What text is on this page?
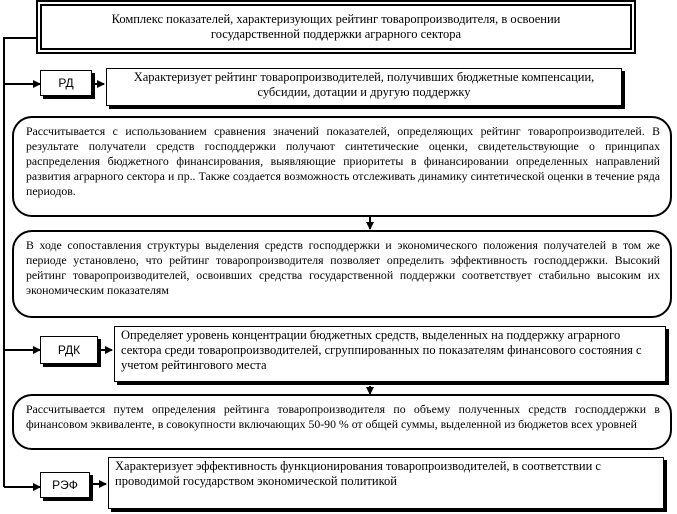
Комплекс показателей, характеризующих рейтинг товаропроизводителя, в освоении государственной поддержки аграрного сектора
РД	Характеризует рейтинг товаропроизводителей, получивших бюджетные компенсации, субсидии, дотации и другую поддержку
Рассчитывается с использованием сравнения значений показателей, определяющих рейтинг товаропроизводителей. В результате получатели средств господдержки получают синтетические оценки, свидетельствующие о принципах распределения бюджетного финансирования, выявляющие приоритеты в финансировании определенных направлений развития аграрного сектора и пр.. Также создается возможность отслеживать динамику синтетической оценки в течение ряда периодов.
В ходе сопоставления структуры выделения средств господдержки и экономического положения получателей в том же периоде установлено, что рейтинг товаропроизводителя позволяет определить эффективность господдержки. Высокий рейтинг товаропроизводителей, освоивших средства государственной поддержки соответствует стабильно высоким их экономическим показателям
РДК
Определяет уровень концентрации бюджетных средств, выделенных на поддержку аграрного сектора среди товаропроизводителей, сгруппированных по показателям финансового состояния с учетом рейтингового места
Рассчитывается путем определения рейтинга товаропроизводителя по объему полученных средств господдержки в финансовом эквиваленте, в совокупности включающих 50-90 % от общей суммы, выделенной из бюджетов всех уровней
РЭФ
Характеризует эффективность функционирования товаропроизводителей, в соответствии с проводимой государством экономической политикой
